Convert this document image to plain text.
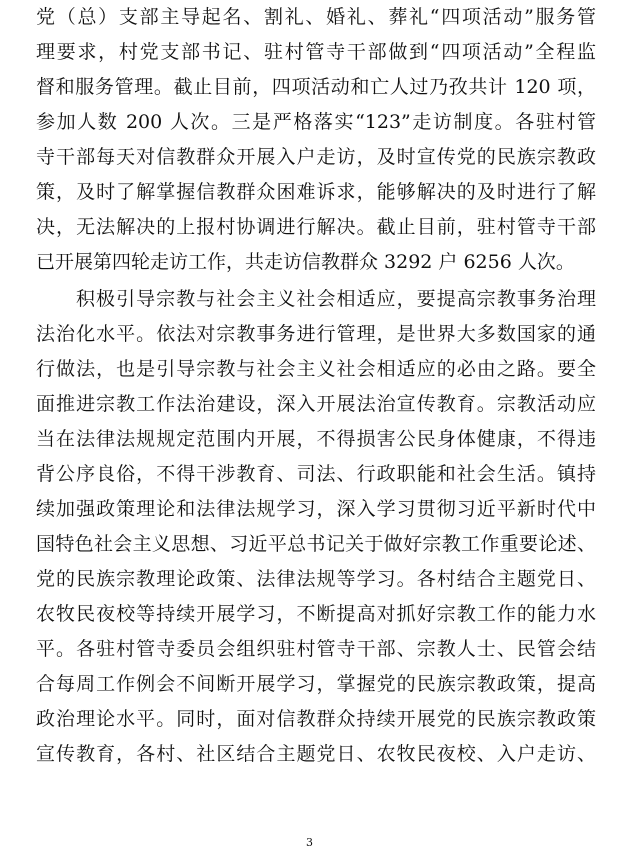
党（总）支部主导起名、割礼、婚礼、葬礼“四项活动”服务管
理要求，村党支部书记、驻村管寺干部做到“四项活动”全程监
督和服务管理。截止目前，四项活动和亡人过乃孜共计 120 项，
参加人数 200 人次。三是严格落实“123”走访制度。各驻村管
寺干部每天对信教群众开展入户走访，及时宣传党的民族宗教政
策，及时了解掌握信教群众困难诉求，能够解决的及时进行了解
决，无法解决的上报村协调进行解决。截止目前，驻村管寺干部
已开展第四轮走访工作，共走访信教群众 3292 户 6256 人次。
积极引导宗教与社会主义社会相适应，要提高宗教事务治理
法治化水平。依法对宗教事务进行管理，是世界大多数国家的通
行做法，也是引导宗教与社会主义社会相适应的必由之路。要全
面推进宗教工作法治建设，深入开展法治宣传教育。宗教活动应
当在法律法规规定范围内开展，不得损害公民身体健康，不得违
背公序良俗，不得干涉教育、司法、行政职能和社会生活。镇持
续加强政策理论和法律法规学习，深入学习贯彻习近平新时代中
国特色社会主义思想、习近平总书记关于做好宗教工作重要论述、
党的民族宗教理论政策、法律法规等学习。各村结合主题党日、
农牧民夜校等持续开展学习，不断提高对抓好宗教工作的能力水
平。各驻村管寺委员会组织驻村管寺干部、宗教人士、民管会结
合每周工作例会不间断开展学习，掌握党的民族宗教政策，提高
政治理论水平。同时，面对信教群众持续开展党的民族宗教政策
宣传教育，各村、社区结合主题党日、农牧民夜校、入户走访、
3
